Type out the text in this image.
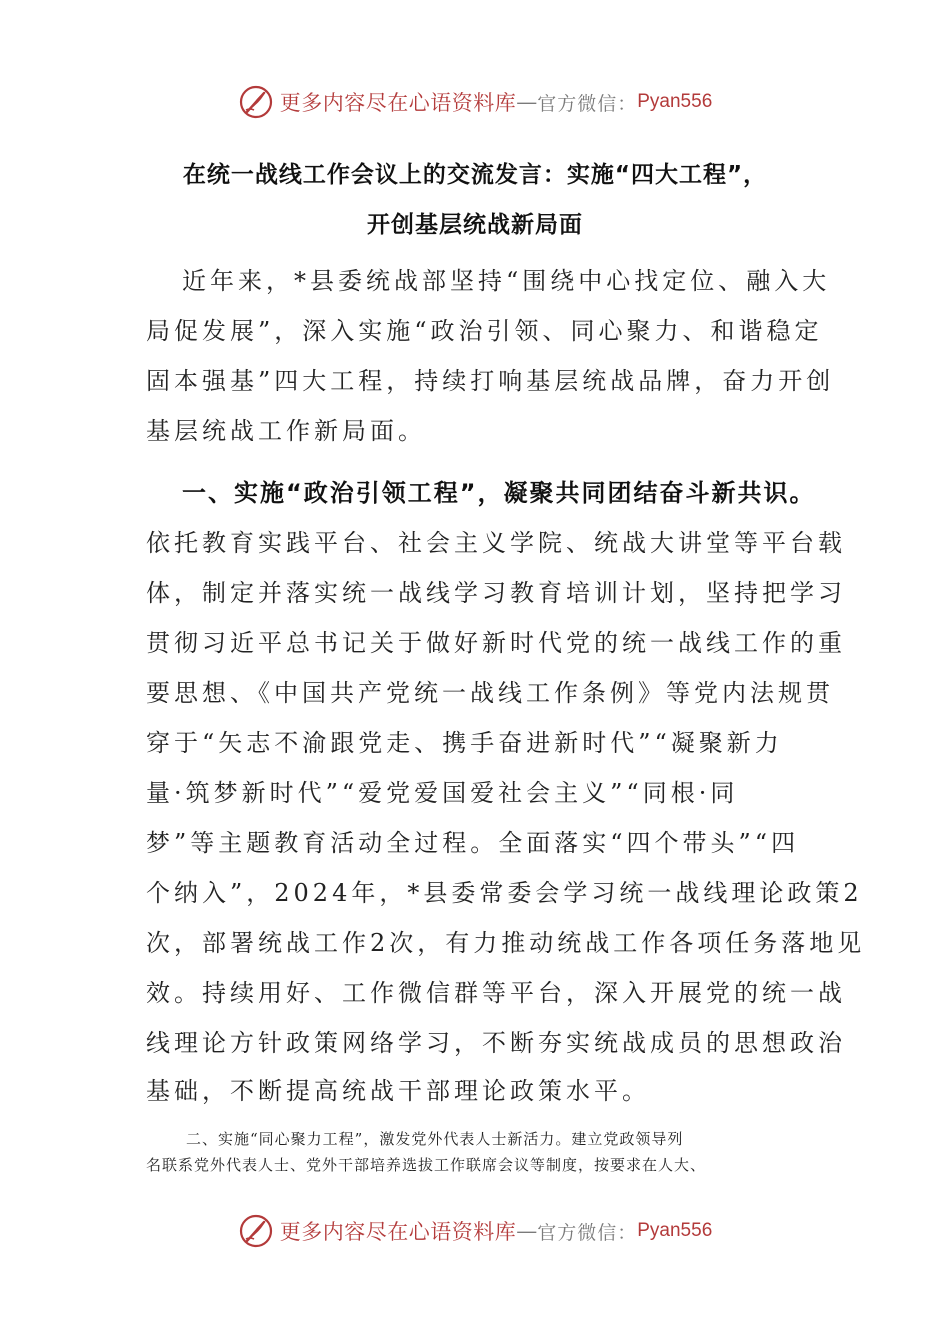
更多内容尽在心语资料库 — 官方微信： Pyan556
在统一战线工作会议上的交流发言：实施“四大工程”，
开创基层统战新局面
近年来，*县委统战部坚持“围绕中心找定位、融入大
局促发展”，深入实施“政治引领、同心聚力、和谐稳定
固本强基”四大工程，持续打响基层统战品牌，奋力开创
基层统战工作新局面。
一、实施“政治引领工程”，凝聚共同团结奋斗新共识。
依托教育实践平台、社会主义学院、统战大讲堂等平台载
体，制定并落实统一战线学习教育培训计划，坚持把学习
贯彻习近平总书记关于做好新时代党的统一战线工作的重
要思想、《中国共产党统一战线工作条例》等党内法规贯
穿于“矢志不渝跟党走、携手奋进新时代”“凝聚新力
量·筑梦新时代”“爱党爱国爱社会主义”“同根·同
梦”等主题教育活动全过程。全面落实“四个带头”“四
个纳入”，2024年，*县委常委会学习统一战线理论政策2
次，部署统战工作2次，有力推动统战工作各项任务落地见
效。持续用好、工作微信群等平台，深入开展党的统一战
线理论方针政策网络学习，不断夯实统战成员的思想政治
基础，不断提高统战干部理论政策水平。
二、实施“同心聚力工程”，激发党外代表人士新活力。建立党政领导列
名联系党外代表人士、党外干部培养选拔工作联席会议等制度，按要求在人大、
更多内容尽在心语资料库 — 官方微信： Pyan556
